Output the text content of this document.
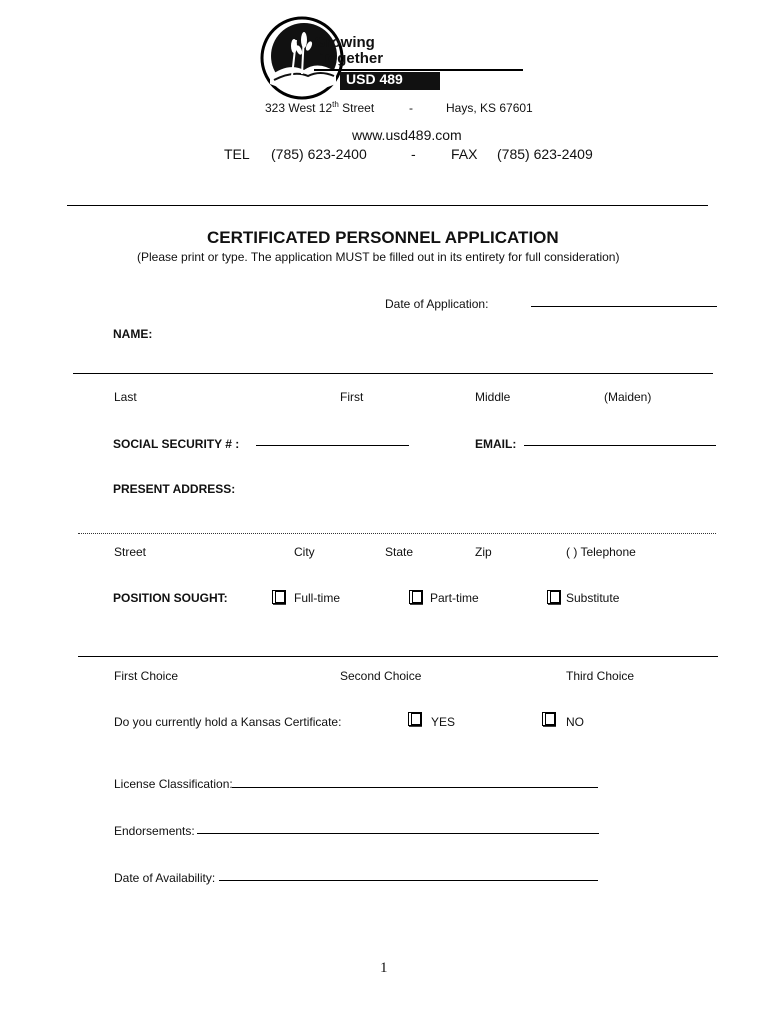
Growing
Together
USD 489
323 West 12th Street	-	Hays, KS 67601
www.usd489.com
TEL (785) 623-2400	-	FAX (785) 623-2409
CERTIFICATED PERSONNEL APPLICATION
(Please print or type. The application MUST be filled out in its entirety for full consideration)
Date of Application:
NAME:
Last	First	Middle	(Maiden)
SOCIAL SECURITY # :	EMAIL:
PRESENT ADDRESS:
Street	City	State	Zip	( ) Telephone
POSITION SOUGHT:	Full-time	Part-time	Substitute
First Choice	Second Choice	Third Choice
Do you currently hold a Kansas Certificate:	YES	NO
License Classification:
Endorsements:
Date of Availability:
1
